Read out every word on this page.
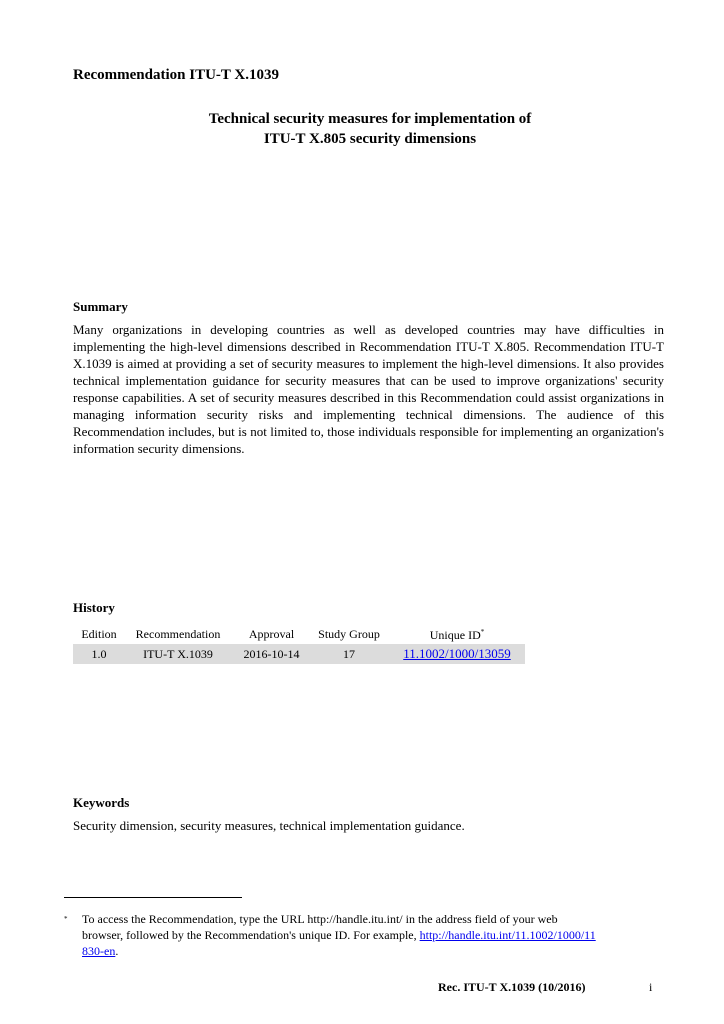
Recommendation ITU-T X.1039
Technical security measures for implementation of
ITU-T X.805 security dimensions
Summary
Many organizations in developing countries as well as developed countries may have difficulties in implementing the high-level dimensions described in Recommendation ITU-T X.805. Recommendation ITU-T X.1039 is aimed at providing a set of security measures to implement the high-level dimensions. It also provides technical implementation guidance for security measures that can be used to improve organizations' security response capabilities. A set of security measures described in this Recommendation could assist organizations in managing information security risks and implementing technical dimensions. The audience of this Recommendation includes, but is not limited to, those individuals responsible for implementing an organization's information security dimensions.
History
Edition	Recommendation	Approval	Study Group	Unique ID*
1.0	ITU-T X.1039	2016-10-14	17	11.1002/1000/13059
Keywords
Security dimension, security measures, technical implementation guidance.
* To access the Recommendation, type the URL http://handle.itu.int/ in the address field of your web
browser, followed by the Recommendation's unique ID. For example, http://handle.itu.int/11.1002/1000/11
830-en.
Rec. ITU-T X.1039 (10/2016)	i
